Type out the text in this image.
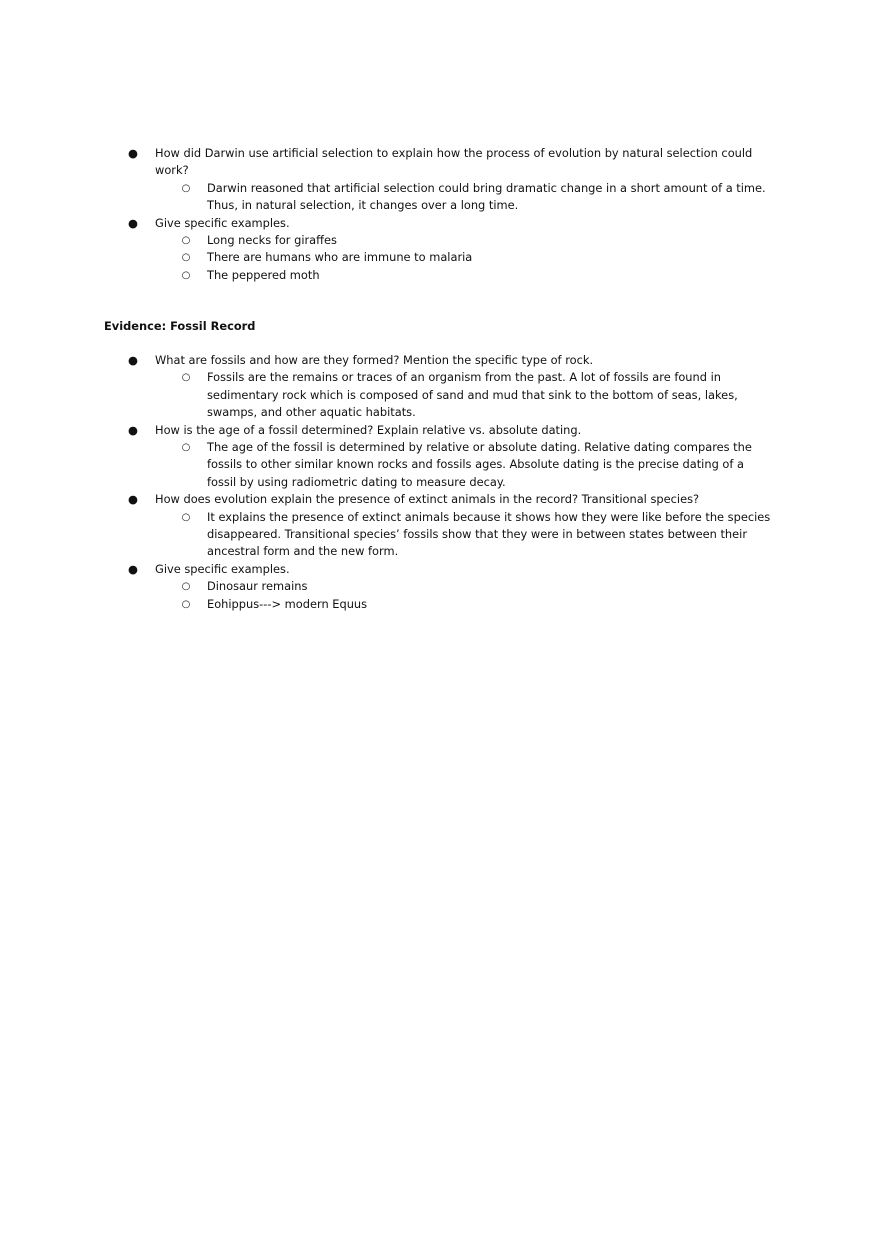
● How did Darwin use artificial selection to explain how the process of evolution by natural selection could work?
○ Darwin reasoned that artificial selection could bring dramatic change in a short amount of a time. Thus, in natural selection, it changes over a long time.
● Give specific examples.
○ Long necks for giraffes
○ There are humans who are immune to malaria
○ The peppered moth
Evidence: Fossil Record
● What are fossils and how are they formed? Mention the specific type of rock.
○ Fossils are the remains or traces of an organism from the past. A lot of fossils are found in sedimentary rock which is composed of sand and mud that sink to the bottom of seas, lakes, swamps, and other aquatic habitats.
● How is the age of a fossil determined? Explain relative vs. absolute dating.
○ The age of the fossil is determined by relative or absolute dating. Relative dating compares the fossils to other similar known rocks and fossils ages. Absolute dating is the precise dating of a fossil by using radiometric dating to measure decay.
● How does evolution explain the presence of extinct animals in the record? Transitional species?
○ It explains the presence of extinct animals because it shows how they were like before the species disappeared. Transitional species’ fossils show that they were in between states between their ancestral form and the new form.
● Give specific examples.
○ Dinosaur remains
○ Eohippus---> modern Equus
